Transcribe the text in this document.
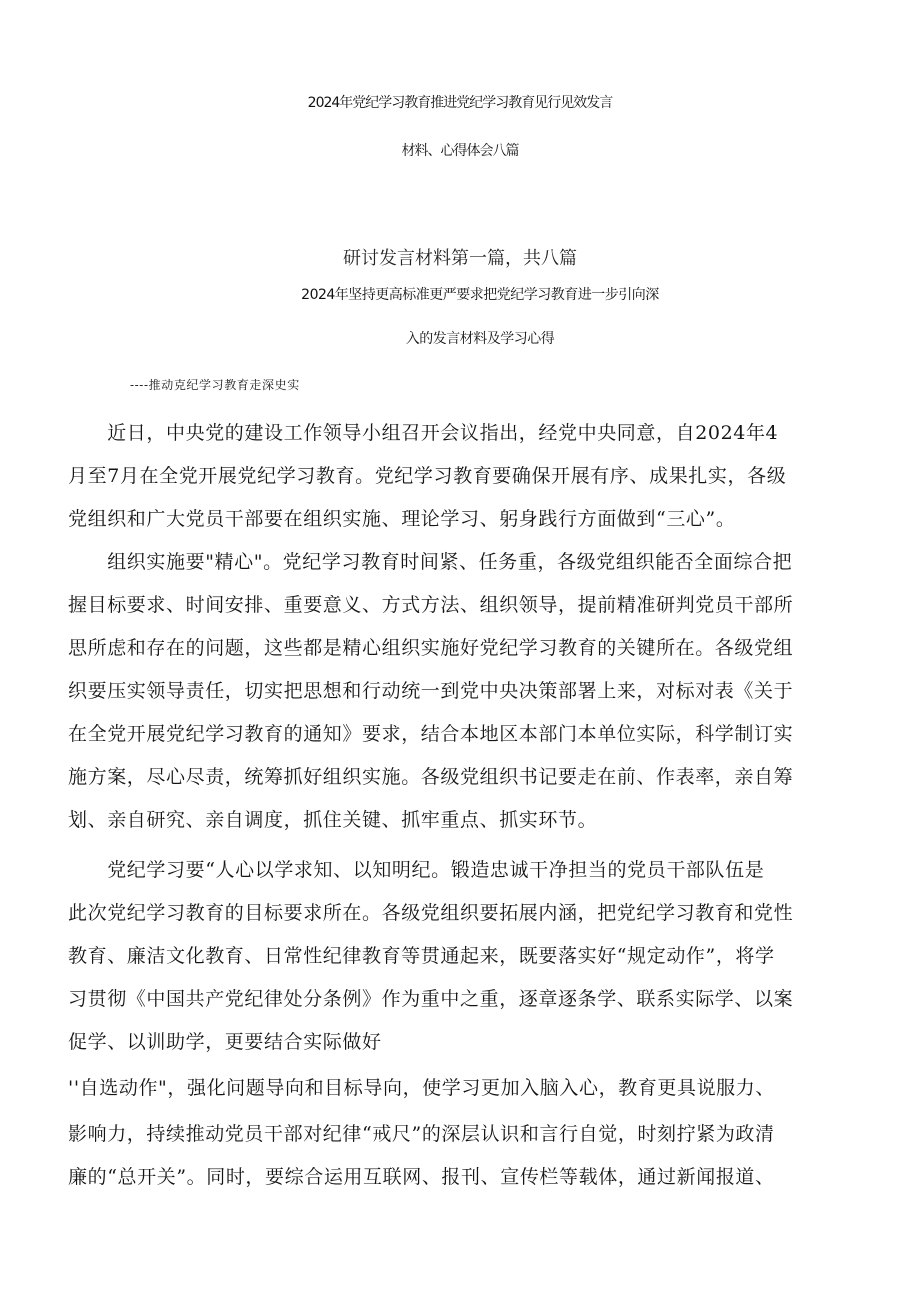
2024年党纪学习教育推进党纪学习教育见行见效发言
材料、心得体会八篇
研讨发言材料第一篇，共八篇
2024年坚持更高标准更严要求把党纪学习教育进一步引向深
入的发言材料及学习心得
----推动克纪学习教育走深史实
　　近日，中央党的建设工作领导小组召开会议指出，经党中央同意，自2024年4
月至7月在全党开展党纪学习教育。党纪学习教育要确保开展有序、成果扎实，各级
党组织和广大党员干部要在组织实施、理论学习、躬身践行方面做到“三心”。
　　组织实施要"精心"。党纪学习教育时间紧、任务重，各级党组织能否全面综合把
握目标要求、时间安排、重要意义、方式方法、组织领导，提前精准研判党员干部所
思所虑和存在的问题，这些都是精心组织实施好党纪学习教育的关键所在。各级党组
织要压实领导责任，切实把思想和行动统一到党中央决策部署上来，对标对表《关于
在全党开展党纪学习教育的通知》要求，结合本地区本部门本单位实际，科学制订实
施方案，尽心尽责，统筹抓好组织实施。各级党组织书记要走在前、作表率，亲自筹
划、亲自研究、亲自调度，抓住关键、抓牢重点、抓实环节。
　　党纪学习要“人心以学求知、以知明纪。锻造忠诚干净担当的党员干部队伍是
此次党纪学习教育的目标要求所在。各级党组织要拓展内涵，把党纪学习教育和党性
教育、廉洁文化教育、日常性纪律教育等贯通起来，既要落实好“规定动作”，将学
习贯彻《中国共产党纪律处分条例》作为重中之重，逐章逐条学、联系实际学、以案
促学、以训助学，更要结合实际做好
''自选动作"，强化问题导向和目标导向，使学习更加入脑入心，教育更具说服力、
影响力，持续推动党员干部对纪律“戒尺”的深层认识和言行自觉，时刻拧紧为政清
廉的“总开关”。同时，要综合运用互联网、报刊、宣传栏等载体，通过新闻报道、
